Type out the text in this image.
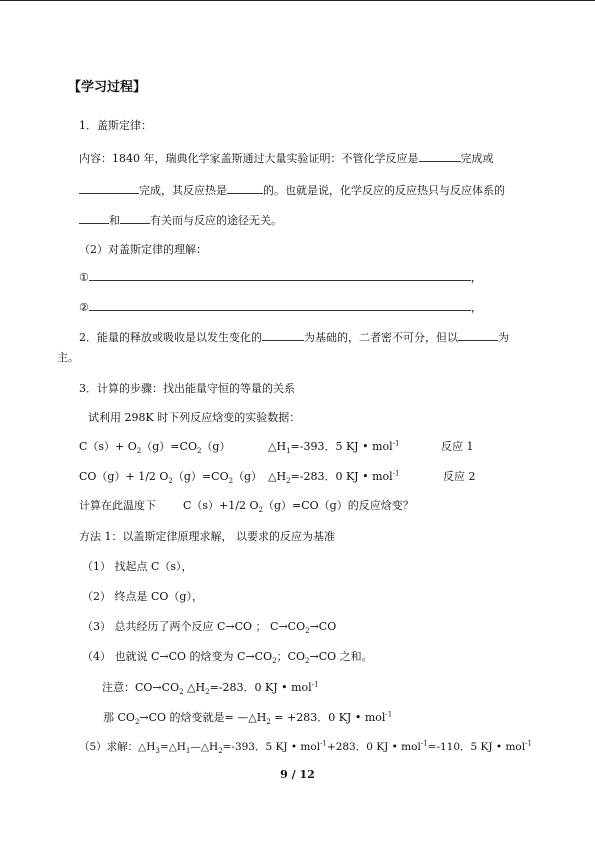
【学习过程】
1．盖斯定律：
内容：1840 年，瑞典化学家盖斯通过大量实验证明：不管化学反应是	完成或
完成，其反应热是	的。也就是说，化学反应的反应热只与反应体系的
和	有关而与反应的途径无关。
（2）对盖斯定律的理解：
①	，
②	，
2．能量的释放或吸收是以发生变化的	为基础的，二者密不可分，但以	为
主。
3．计算的步骤：找出能量守恒的等量的关系
试利用 298K 时下列反应焓变的实验数据：
$C(s)+ O_2(g)=CO_2(g)$	$\triangle H_1=-393$．5 KJ • mol$^{-1}$	反应 1
CO（g）+ 1/2 $O_2(g)=CO_2(g)$ $\triangle H_2=-283$．0 KJ • mol$^{-1}$	反应 2
计算在此温度下 C（s）+1/2 $O_2(g)=CO(g)$的反应焓变？
方法 1：以盖斯定律原理求解， 以要求的反应为基准
（1） 找起点 C（s），
（2） 终点是 CO（g），
（3） 总共经历了两个反应 C→CO ； $C\to CO_2\to CO$
（4） 也就说 C→CO 的焓变为 $C\to CO_2$；$CO_2\to CO$ 之和。
注意：$CO\to CO_2$ $\triangle H_2=-283$．0 KJ • mol$^{-1}$
那 $CO_2\to CO$ 的焓变就是= $—\triangle H_2 = +283$．0 KJ • mol$^{-1}$
（5）求解：$\triangle H_3=\triangle H_1—\triangle H_2=-393$．5 KJ • mol$^{-1}$+283．0 KJ • mol$^{-1}$=-110．5 KJ • mol$^{-1}$
9 / 12
